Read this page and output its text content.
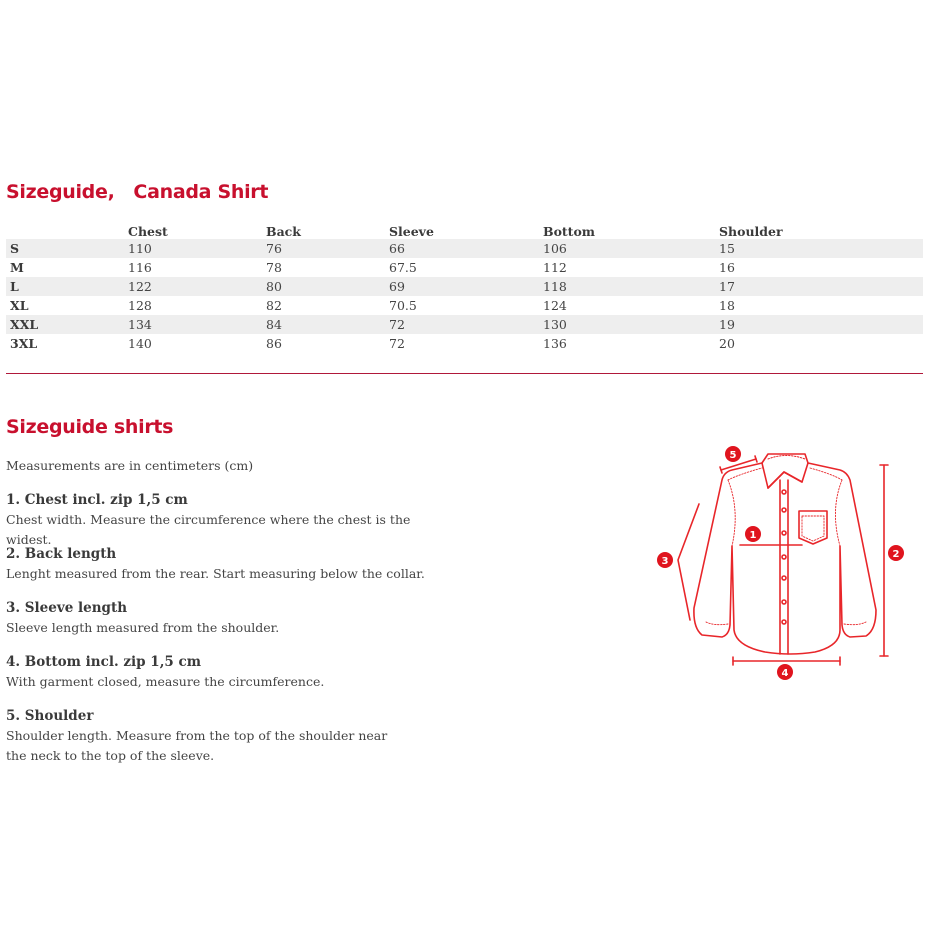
Sizeguide,   Canada Shirt
	Chest	Back	Sleeve	Bottom	Shoulder
S	110	76	66	106	15
M	116	78	67.5	112	16
L	122	80	69	118	17
XL	128	82	70.5	124	18
XXL	134	84	72	130	19
3XL	140	86	72	136	20
Sizeguide shirts
Measurements are in centimeters (cm)
1. Chest incl. zip 1,5 cm
Chest width. Measure the circumference where the chest is the widest.
2. Back length
Lenght measured from the rear. Start measuring below the collar.
3. Sleeve length
Sleeve length measured from the shoulder.
4. Bottom incl. zip 1,5 cm
With garment closed, measure the circumference.
5. Shoulder
Shoulder length. Measure from the top of the shoulder near
the neck to the top of the sleeve.
1
2
3
4
5
